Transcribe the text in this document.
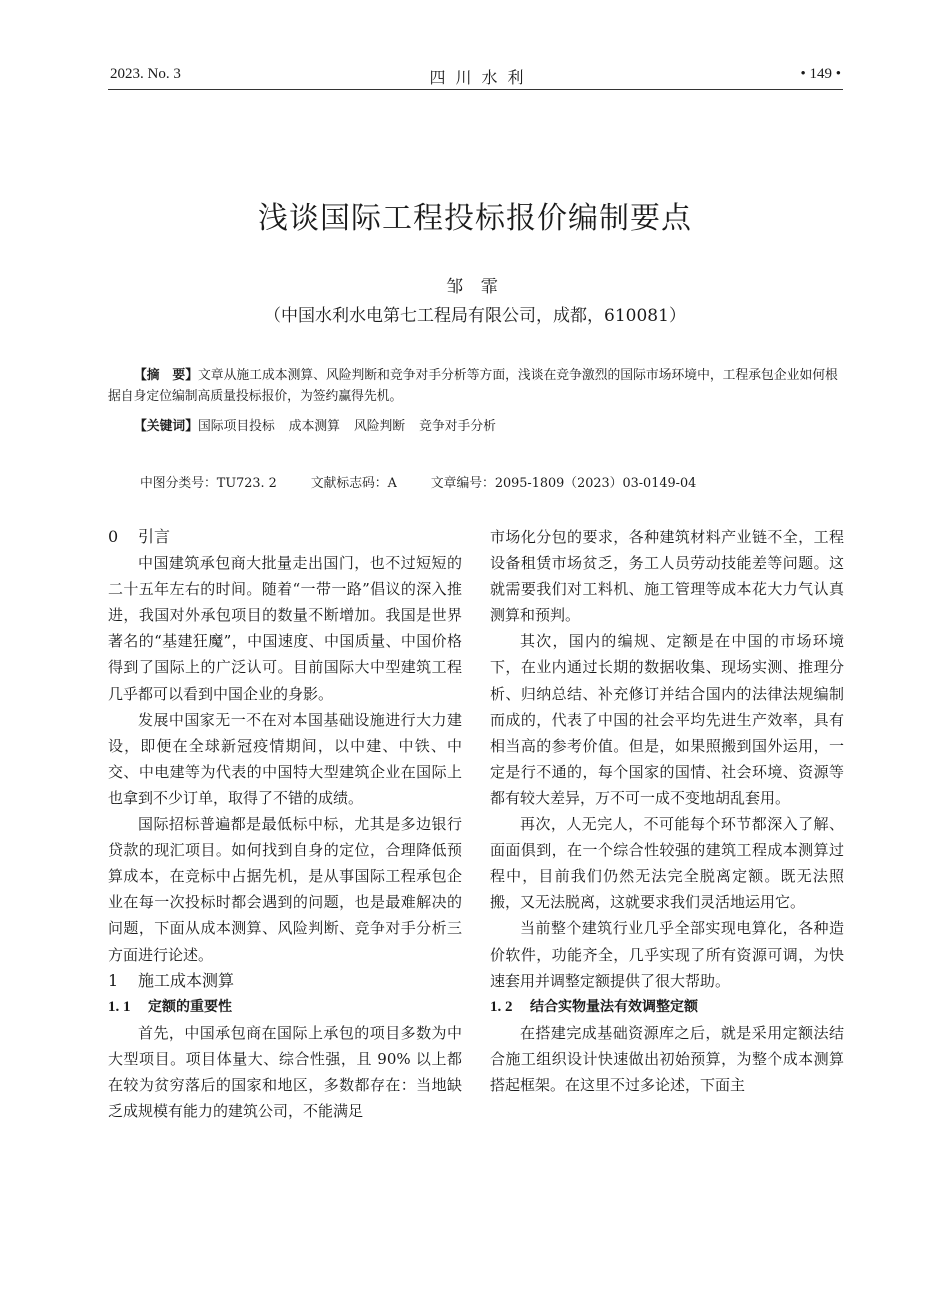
2023. No. 3	四川水利	• 149 •
浅谈国际工程投标报价编制要点
邹 霏
（中国水利水电第七工程局有限公司，成都，610081）
【摘　要】文章从施工成本测算、风险判断和竞争对手分析等方面，浅谈在竞争激烈的国际市场环境中，工程承包企业如何根据自身定位编制高质量投标报价，为签约赢得先机。
【关键词】国际项目投标 成本测算 风险判断 竞争对手分析
中图分类号：TU723. 2	文献标志码：A	文章编号：2095-1809（2023）03-0149-04
0 引言

中国建筑承包商大批量走出国门，也不过短短的二十五年左右的时间。随着“一带一路”倡议的深入推进，我国对外承包项目的数量不断增加。我国是世界著名的“基建狂魔”，中国速度、中国质量、中国价格得到了国际上的广泛认可。目前国际大中型建筑工程几乎都可以看到中国企业的身影。

发展中国家无一不在对本国基础设施进行大力建设，即便在全球新冠疫情期间，以中建、中铁、中交、中电建等为代表的中国特大型建筑企业在国际上也拿到不少订单，取得了不错的成绩。

国际招标普遍都是最低标中标，尤其是多边银行贷款的现汇项目。如何找到自身的定位，合理降低预算成本，在竞标中占据先机，是从事国际工程承包企业在每一次投标时都会遇到的问题，也是最难解决的问题，下面从成本测算、风险判断、竞争对手分析三方面进行论述。

1 施工成本测算
1. 1 定额的重要性

首先，中国承包商在国际上承包的项目多数为中大型项目。项目体量大、综合性强，且 90% 以上都在较为贫穷落后的国家和地区，多数都存在：当地缺乏成规模有能力的建筑公司，不能满足

市场化分包的要求，各种建筑材料产业链不全，工程设备租赁市场贫乏，务工人员劳动技能差等问题。这就需要我们对工料机、施工管理等成本花大力气认真测算和预判。

其次，国内的编规、定额是在中国的市场环境下，在业内通过长期的数据收集、现场实测、推理分析、归纳总结、补充修订并结合国内的法律法规编制而成的，代表了中国的社会平均先进生产效率，具有相当高的参考价值。但是，如果照搬到国外运用，一定是行不通的，每个国家的国情、社会环境、资源等都有较大差异，万不可一成不变地胡乱套用。

再次，人无完人，不可能每个环节都深入了解、面面俱到，在一个综合性较强的建筑工程成本测算过程中，目前我们仍然无法完全脱离定额。既无法照搬，又无法脱离，这就要求我们灵活地运用它。

当前整个建筑行业几乎全部实现电算化，各种造价软件，功能齐全，几乎实现了所有资源可调，为快速套用并调整定额提供了很大帮助。

1. 2 结合实物量法有效调整定额

在搭建完成基础资源库之后，就是采用定额法结合施工组织设计快速做出初始预算，为整个成本测算搭起框架。在这里不过多论述，下面主
